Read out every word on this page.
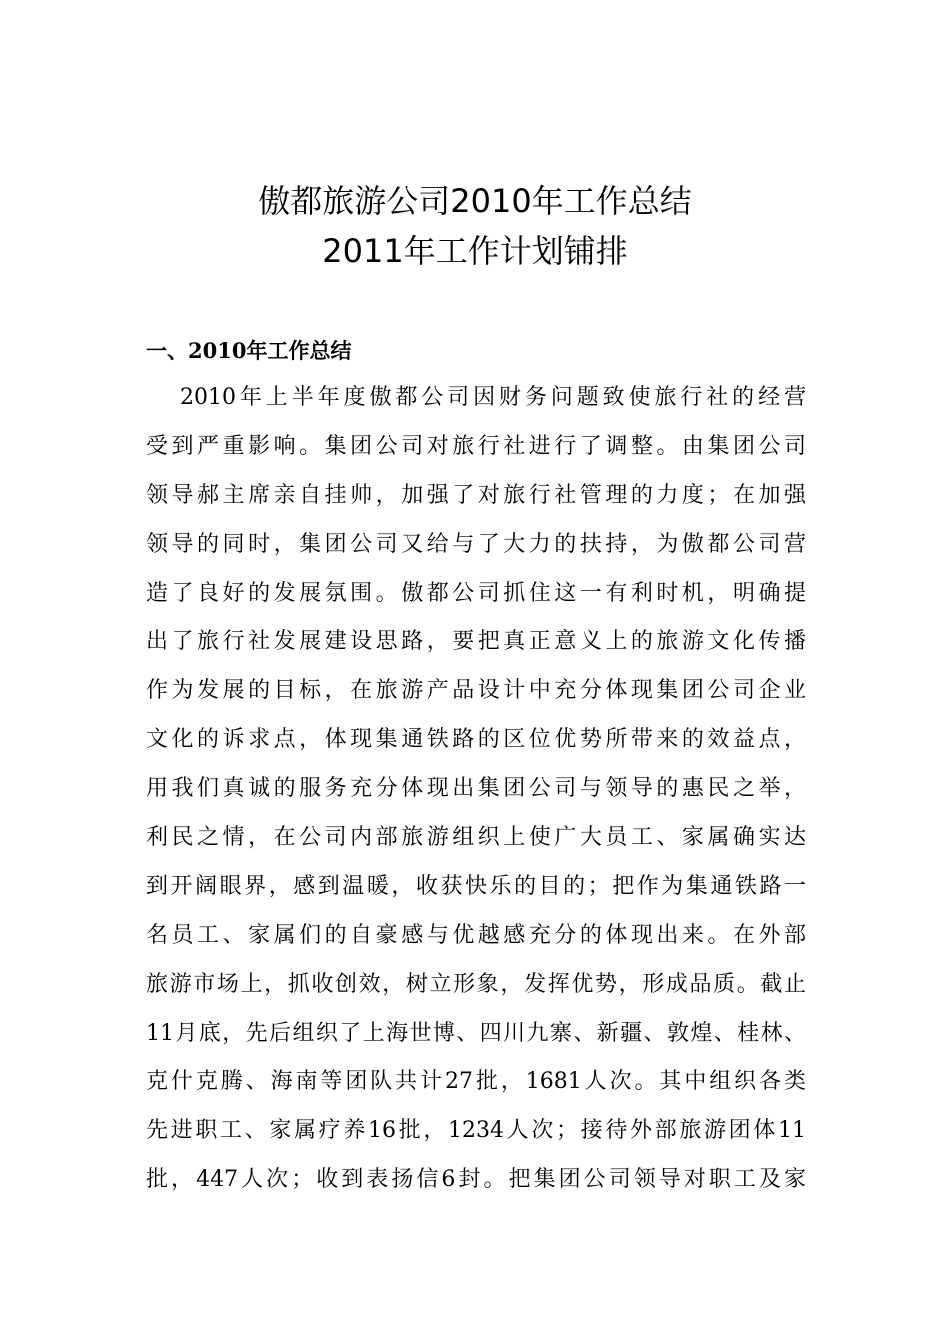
傲都旅游公司2010年工作总结
2011年工作计划铺排
一、2010年工作总结
2010年上半年度傲都公司因财务问题致使旅行社的经营
受到严重影响。集团公司对旅行社进行了调整。由集团公司
领导郝主席亲自挂帅，加强了对旅行社管理的力度；在加强
领导的同时，集团公司又给与了大力的扶持，为傲都公司营
造了良好的发展氛围。傲都公司抓住这一有利时机，明确提
出了旅行社发展建设思路，要把真正意义上的旅游文化传播
作为发展的目标，在旅游产品设计中充分体现集团公司企业
文化的诉求点，体现集通铁路的区位优势所带来的效益点，
用我们真诚的服务充分体现出集团公司与领导的惠民之举，
利民之情，在公司内部旅游组织上使广大员工、家属确实达
到开阔眼界，感到温暖，收获快乐的目的；把作为集通铁路一
名员工、家属们的自豪感与优越感充分的体现出来。在外部
旅游市场上，抓收创效，树立形象，发挥优势，形成品质。截止
11月底，先后组织了上海世博、四川九寨、新疆、敦煌、桂林、
克什克腾、海南等团队共计27批，1681人次。其中组织各类
先进职工、家属疗养16批，1234人次；接待外部旅游团体11
批，447人次；收到表扬信6封。把集团公司领导对职工及家
